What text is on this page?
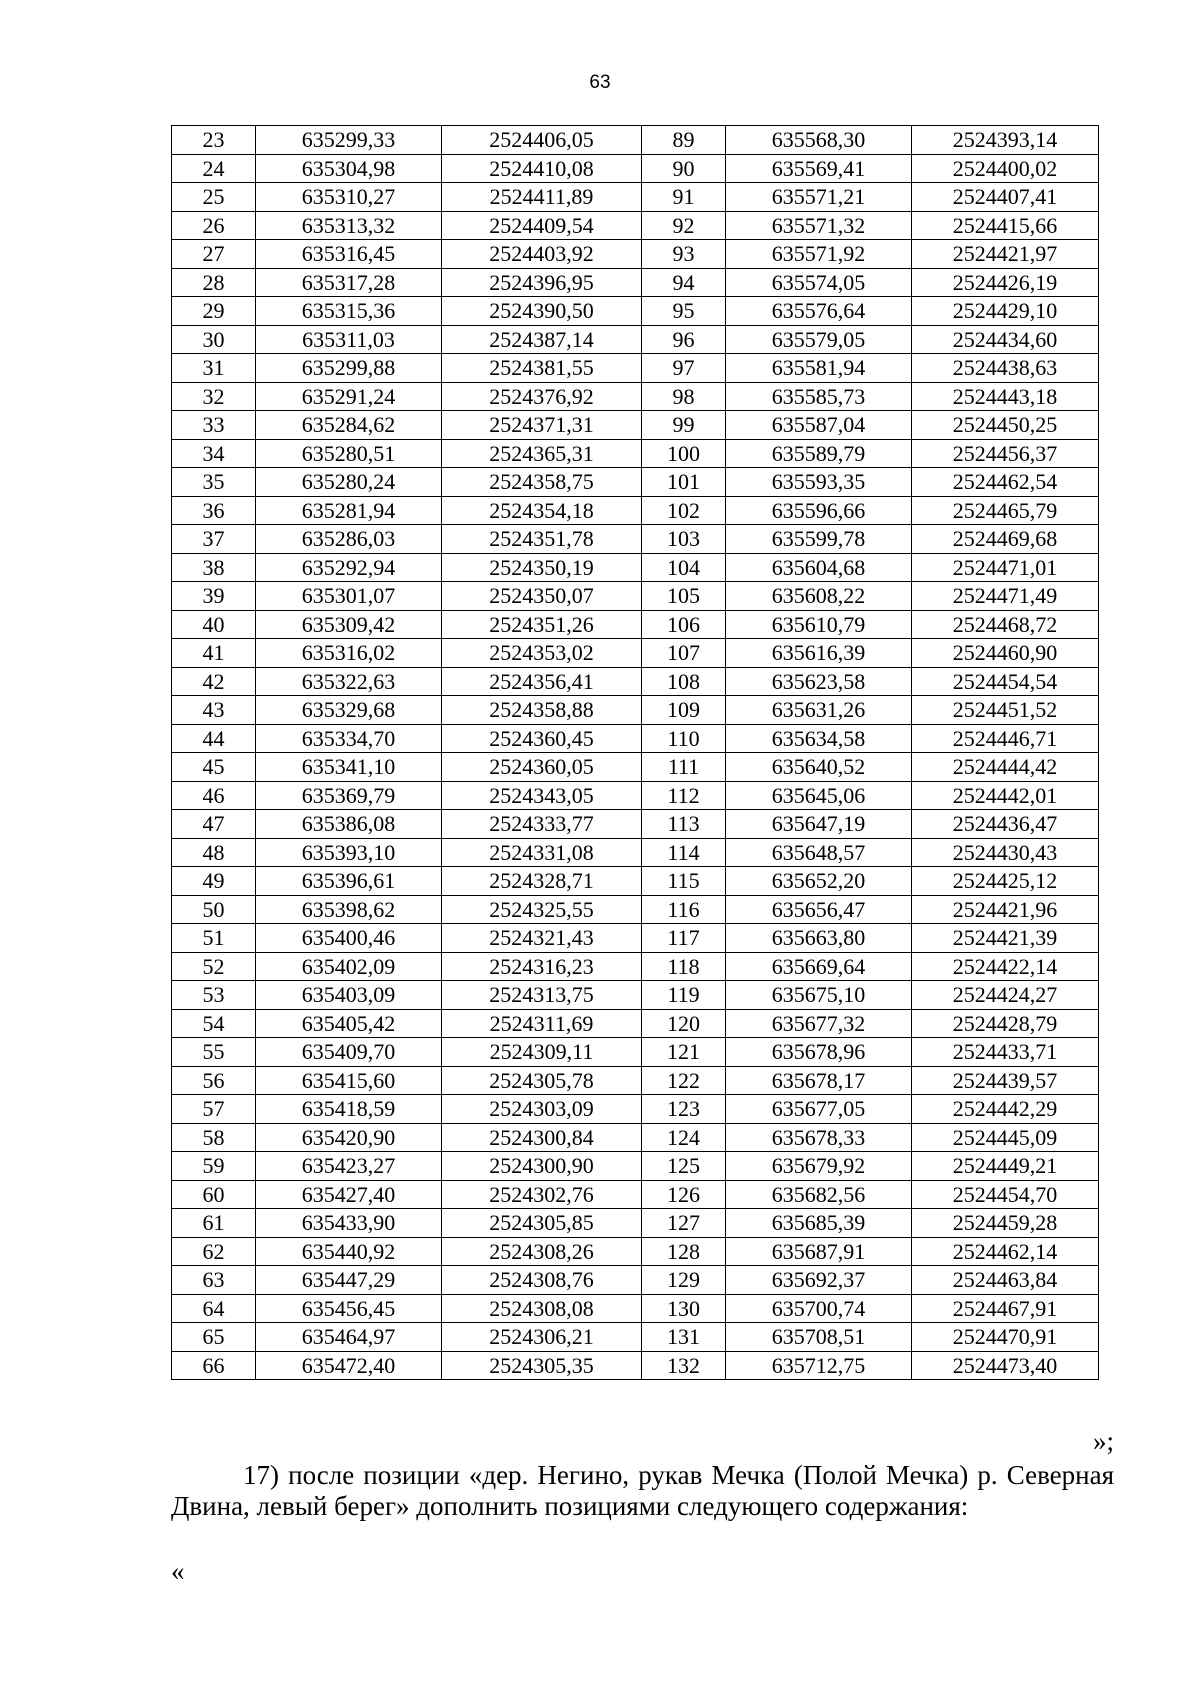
63
23	635299,33	2524406,05	89	635568,30	2524393,14
24	635304,98	2524410,08	90	635569,41	2524400,02
25	635310,27	2524411,89	91	635571,21	2524407,41
26	635313,32	2524409,54	92	635571,32	2524415,66
27	635316,45	2524403,92	93	635571,92	2524421,97
28	635317,28	2524396,95	94	635574,05	2524426,19
29	635315,36	2524390,50	95	635576,64	2524429,10
30	635311,03	2524387,14	96	635579,05	2524434,60
31	635299,88	2524381,55	97	635581,94	2524438,63
32	635291,24	2524376,92	98	635585,73	2524443,18
33	635284,62	2524371,31	99	635587,04	2524450,25
34	635280,51	2524365,31	100	635589,79	2524456,37
35	635280,24	2524358,75	101	635593,35	2524462,54
36	635281,94	2524354,18	102	635596,66	2524465,79
37	635286,03	2524351,78	103	635599,78	2524469,68
38	635292,94	2524350,19	104	635604,68	2524471,01
39	635301,07	2524350,07	105	635608,22	2524471,49
40	635309,42	2524351,26	106	635610,79	2524468,72
41	635316,02	2524353,02	107	635616,39	2524460,90
42	635322,63	2524356,41	108	635623,58	2524454,54
43	635329,68	2524358,88	109	635631,26	2524451,52
44	635334,70	2524360,45	110	635634,58	2524446,71
45	635341,10	2524360,05	111	635640,52	2524444,42
46	635369,79	2524343,05	112	635645,06	2524442,01
47	635386,08	2524333,77	113	635647,19	2524436,47
48	635393,10	2524331,08	114	635648,57	2524430,43
49	635396,61	2524328,71	115	635652,20	2524425,12
50	635398,62	2524325,55	116	635656,47	2524421,96
51	635400,46	2524321,43	117	635663,80	2524421,39
52	635402,09	2524316,23	118	635669,64	2524422,14
53	635403,09	2524313,75	119	635675,10	2524424,27
54	635405,42	2524311,69	120	635677,32	2524428,79
55	635409,70	2524309,11	121	635678,96	2524433,71
56	635415,60	2524305,78	122	635678,17	2524439,57
57	635418,59	2524303,09	123	635677,05	2524442,29
58	635420,90	2524300,84	124	635678,33	2524445,09
59	635423,27	2524300,90	125	635679,92	2524449,21
60	635427,40	2524302,76	126	635682,56	2524454,70
61	635433,90	2524305,85	127	635685,39	2524459,28
62	635440,92	2524308,26	128	635687,91	2524462,14
63	635447,29	2524308,76	129	635692,37	2524463,84
64	635456,45	2524308,08	130	635700,74	2524467,91
65	635464,97	2524306,21	131	635708,51	2524470,91
66	635472,40	2524305,35	132	635712,75	2524473,40
»;
17) после позиции «дер. Негино, рукав Мечка (Полой Мечка) р. Северная Двина, левый берег» дополнить позициями следующего содержания:
«
